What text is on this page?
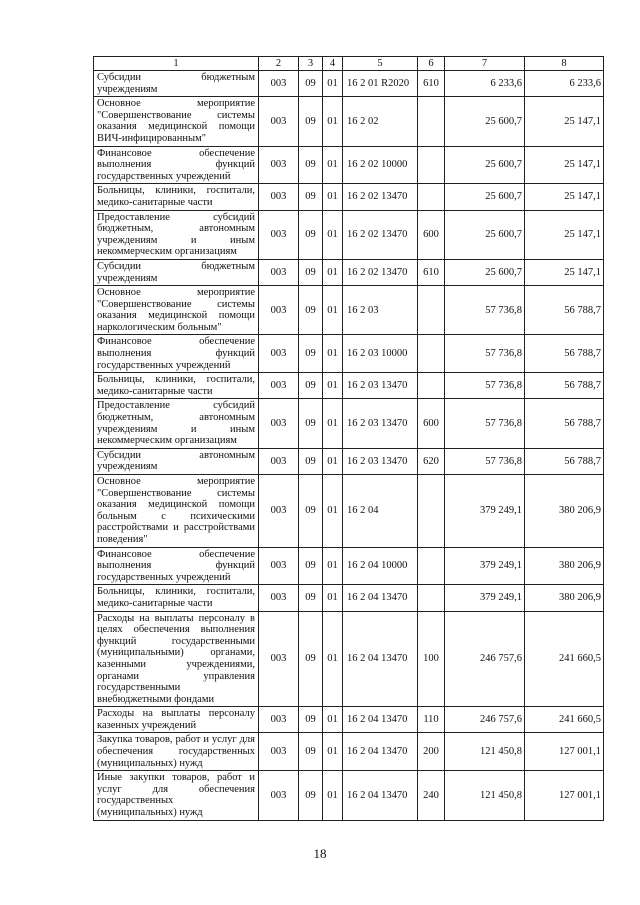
1	2	3	4	5	6	7	8
Субсидии бюджетным учреждениям	003	09	01	16 2 01 R2020	610	6 233,6	6 233,6
Основное мероприятие "Совершенствование системы оказания медицинской помощи ВИЧ-инфицированным"	003	09	01	16 2 02		25 600,7	25 147,1
Финансовое обеспечение выполнения функций государственных учреждений	003	09	01	16 2 02 10000		25 600,7	25 147,1
Больницы, клиники, госпитали, медико-санитарные части	003	09	01	16 2 02 13470		25 600,7	25 147,1
Предоставление субсидий бюджетным, автономным учреждениям и иным некоммерческим организациям	003	09	01	16 2 02 13470	600	25 600,7	25 147,1
Субсидии бюджетным учреждениям	003	09	01	16 2 02 13470	610	25 600,7	25 147,1
Основное мероприятие "Совершенствование системы оказания медицинской помощи наркологическим больным"	003	09	01	16 2 03		57 736,8	56 788,7
Финансовое обеспечение выполнения функций государственных учреждений	003	09	01	16 2 03 10000		57 736,8	56 788,7
Больницы, клиники, госпитали, медико-санитарные части	003	09	01	16 2 03 13470		57 736,8	56 788,7
Предоставление субсидий бюджетным, автономным учреждениям и иным некоммерческим организациям	003	09	01	16 2 03 13470	600	57 736,8	56 788,7
Субсидии автономным учреждениям	003	09	01	16 2 03 13470	620	57 736,8	56 788,7
Основное мероприятие "Совершенствование системы оказания медицинской помощи больным с психическими расстройствами и расстройствами поведения"	003	09	01	16 2 04		379 249,1	380 206,9
Финансовое обеспечение выполнения функций государственных учреждений	003	09	01	16 2 04 10000		379 249,1	380 206,9
Больницы, клиники, госпитали, медико-санитарные части	003	09	01	16 2 04 13470		379 249,1	380 206,9
Расходы на выплаты персоналу в целях обеспечения выполнения функций государственными (муниципальными) органами, казенными учреждениями, органами управления государственными внебюджетными фондами	003	09	01	16 2 04 13470	100	246 757,6	241 660,5
Расходы на выплаты персоналу казенных учреждений	003	09	01	16 2 04 13470	110	246 757,6	241 660,5
Закупка товаров, работ и услуг для обеспечения государственных (муниципальных) нужд	003	09	01	16 2 04 13470	200	121 450,8	127 001,1
Иные закупки товаров, работ и услуг для обеспечения государственных (муниципальных) нужд	003	09	01	16 2 04 13470	240	121 450,8	127 001,1
18
